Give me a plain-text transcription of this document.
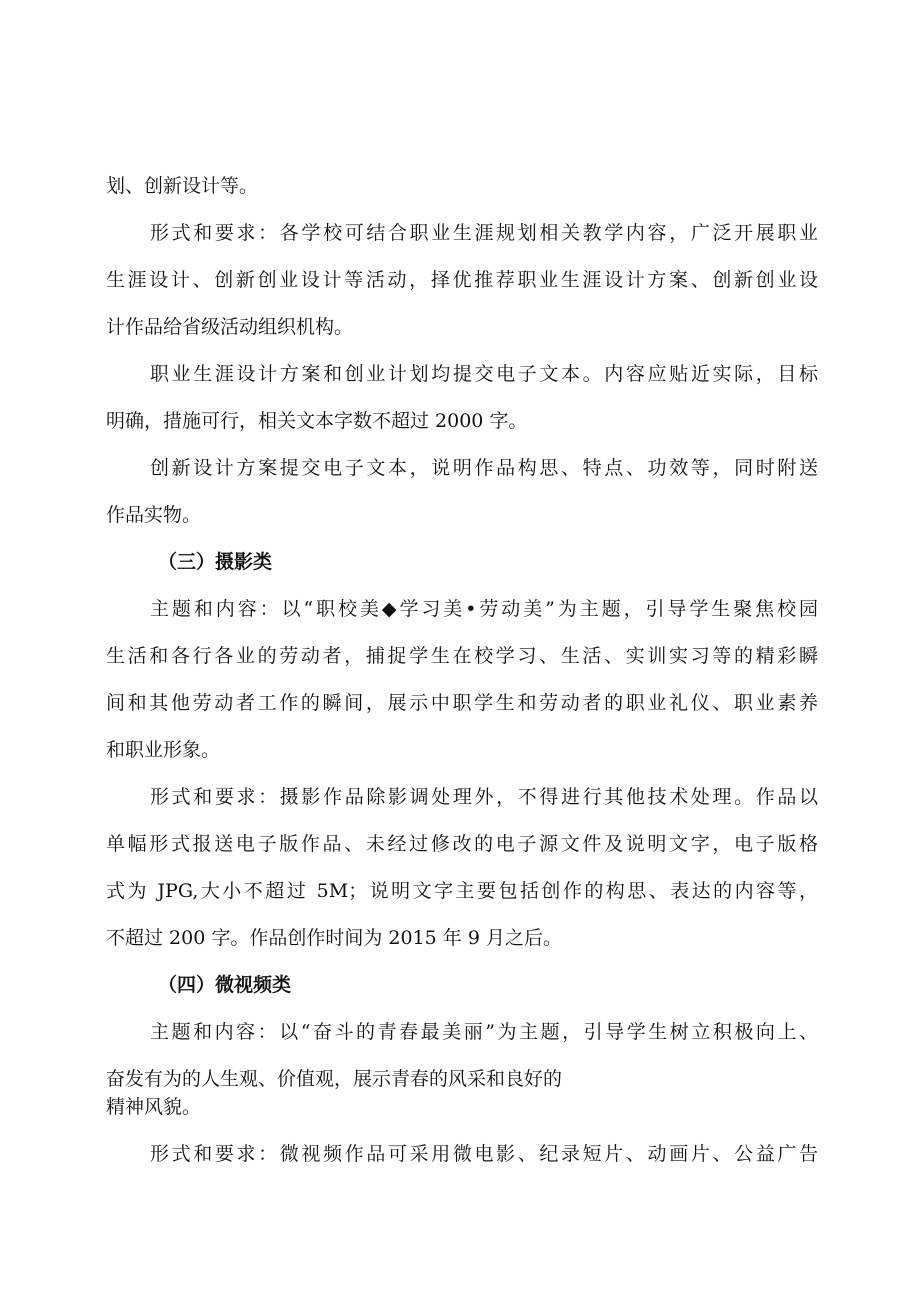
划、创新设计等。
形式和要求：各学校可结合职业生涯规划相关教学内容，广泛开展职业
生涯设计、创新创业设计等活动，择优推荐职业生涯设计方案、创新创业设
计作品给省级活动组织机构。
职业生涯设计方案和创业计划均提交电子文本。内容应贴近实际，目标
明确，措施可行，相关文本字数不超过 2000 字。
创新设计方案提交电子文本，说明作品构思、特点、功效等，同时附送
作品实物。
（三）摄影类
主题和内容：以“职校美◆学习美•劳动美”为主题，引导学生聚焦校园
生活和各行各业的劳动者，捕捉学生在校学习、生活、实训实习等的精彩瞬
间和其他劳动者工作的瞬间，展示中职学生和劳动者的职业礼仪、职业素养
和职业形象。
形式和要求：摄影作品除影调处理外，不得进行其他技术处理。作品以
单幅形式报送电子版作品、未经过修改的电子源文件及说明文字，电子版格
式为 JPG,大小不超过 5M；说明文字主要包括创作的构思、表达的内容等，
不超过 200 字。作品创作时间为 2015 年 9 月之后。
（四）微视频类
主题和内容：以“奋斗的青春最美丽”为主题，引导学生树立积极向上、
奋发有为的人生观、价值观，展示青春的风采和良好的
精神风貌。
形式和要求：微视频作品可采用微电影、纪录短片、动画片、公益广告
